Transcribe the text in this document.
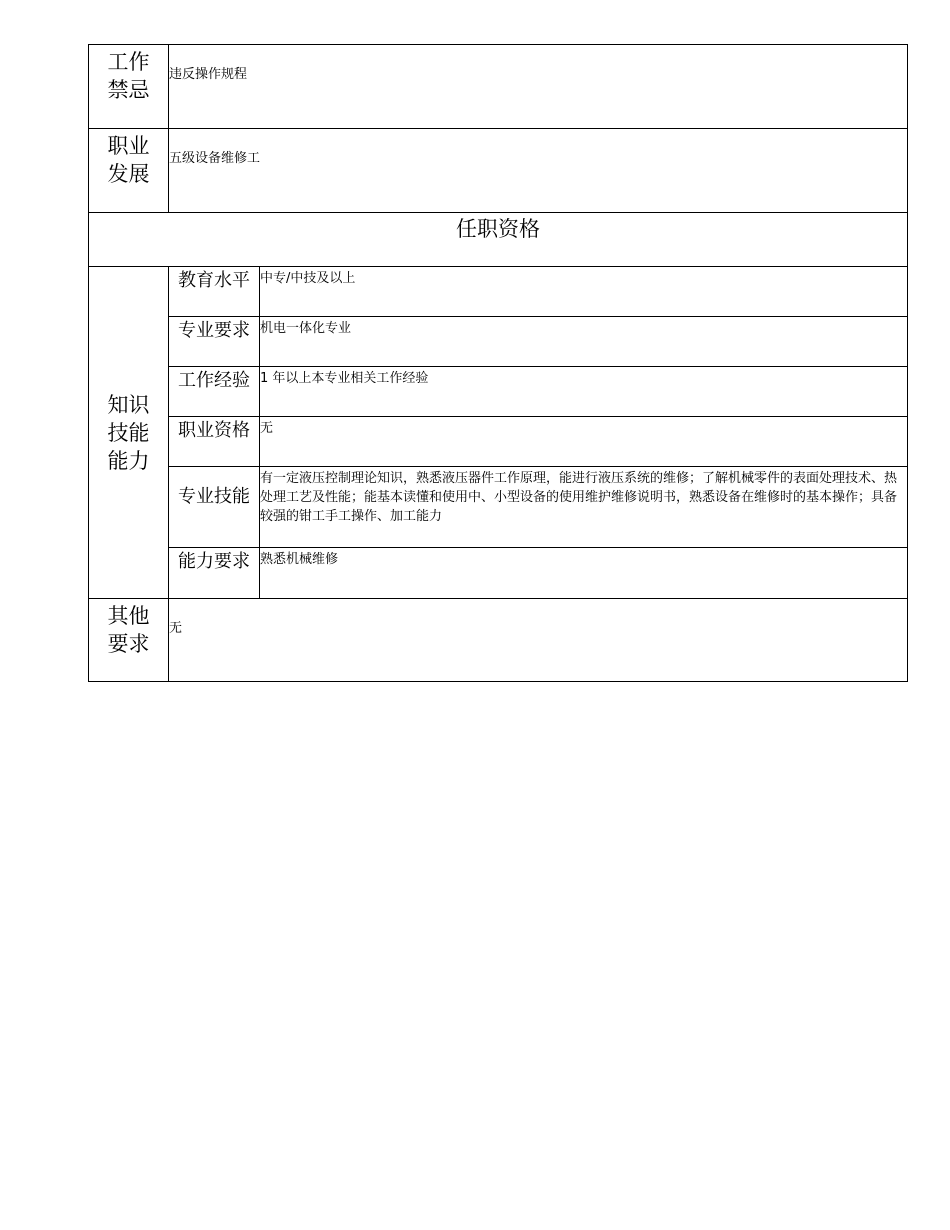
工作
禁忌	违反操作规程	

职业
发展	五级设备维修工	
任职资格		

知识
技能
能力	教育水平	中专/中技及以上
	专业要求	机电一体化专业
	工作经验	1 年以上本专业相关工作经验
	职业资格	无
	专业技能	有一定液压控制理论知识，熟悉液压器件工作原理，能进行液压系统的维修；了解机械零件的表面处理技术、热处理工艺及性能；能基本读懂和使用中、小型设备的使用维护维修说明书，熟悉设备在维修时的基本操作；具备较强的钳工手工操作、加工能力
	能力要求	熟悉机械维修

其他
要求	无	
